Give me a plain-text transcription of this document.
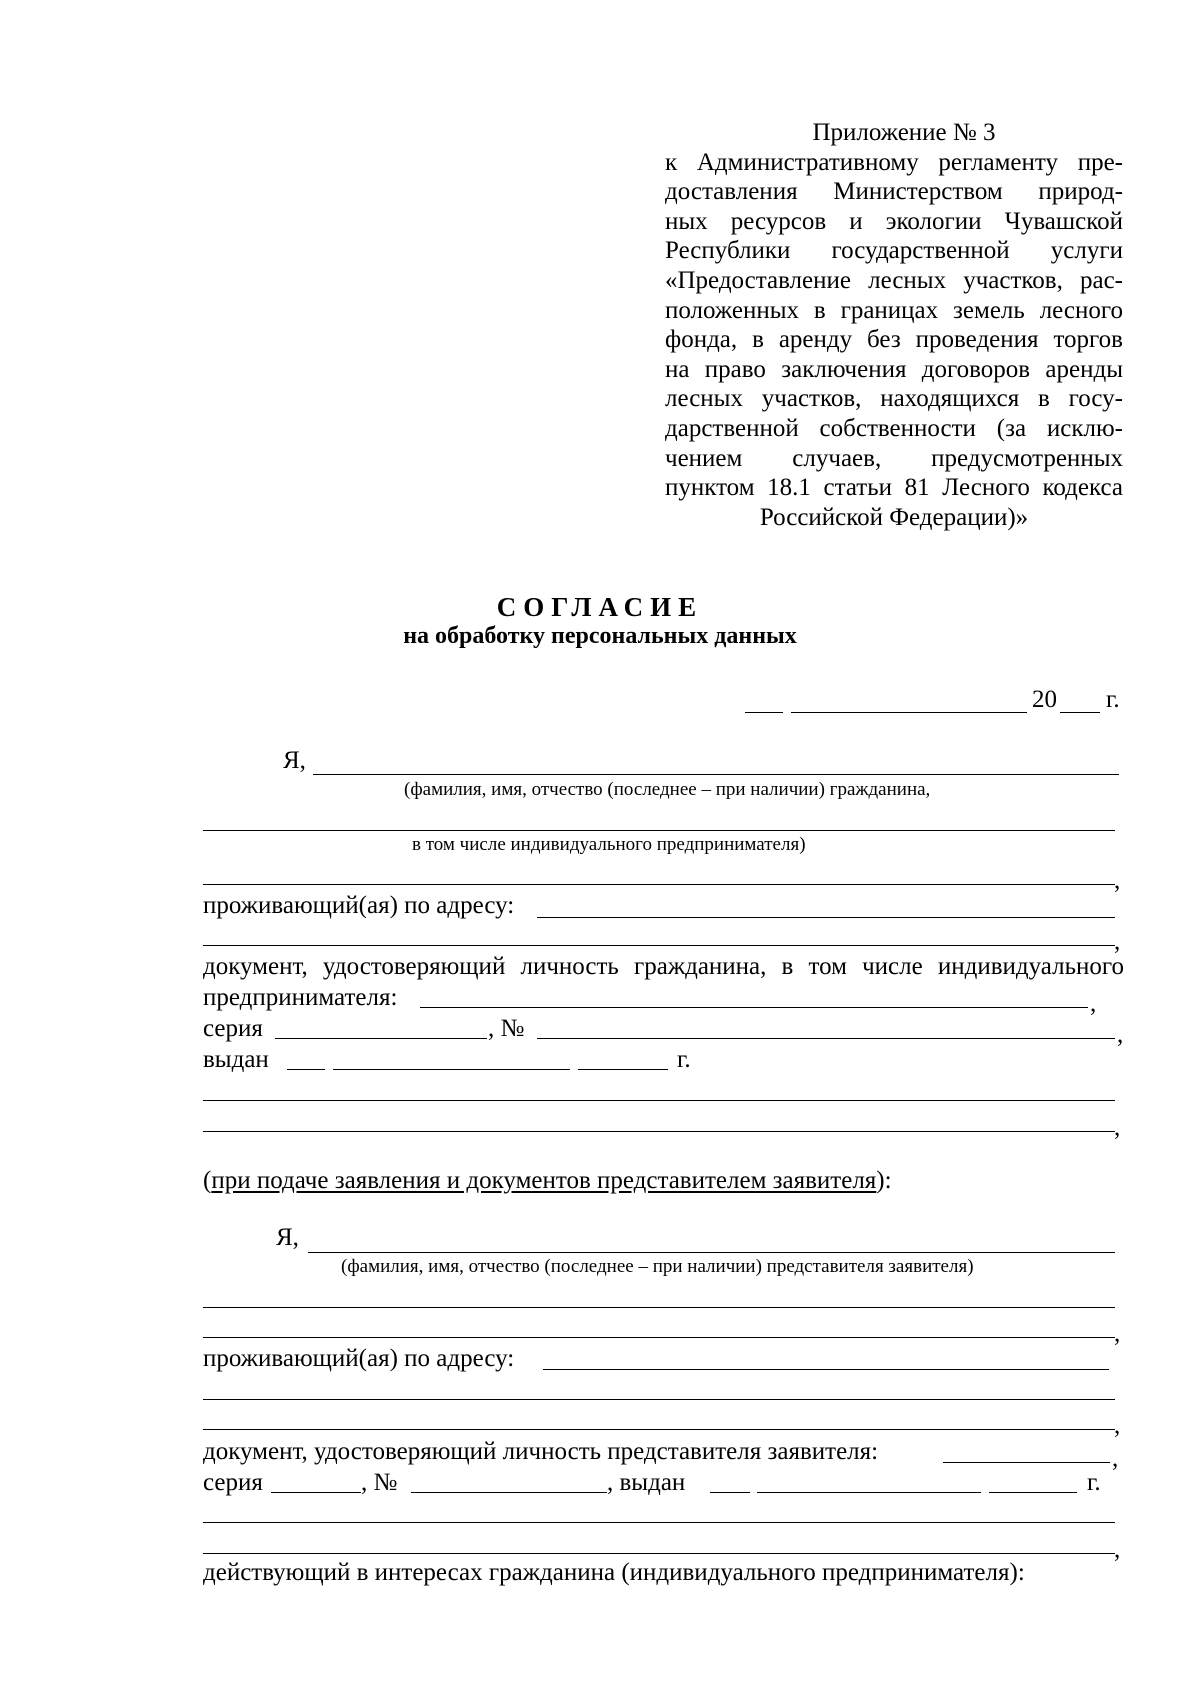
Приложение № 3
к Административному регламенту пре-
доставления Министерством природ-
ных ресурсов и экологии Чувашской
Республики государственной услуги
«Предоставление лесных участков, рас-
положенных в границах земель лесного
фонда, в аренду без проведения торгов
на право заключения договоров аренды
лесных участков, находящихся в госу-
дарственной собственности (за исклю-
чением случаев, предусмотренных
пунктом 18.1 статьи 81 Лесного кодекса
Российской Федерации)»
СОГЛАСИЕ
на обработку персональных данных
20 г.
Я,
(фамилия, имя, отчество (последнее – при наличии) гражданина,
в том числе индивидуального предпринимателя)
,
проживающий(ая) по адресу:
,
документ, удостоверяющий личность гражданина, в том числе индивидуального
предпринимателя:	,
серия	, №	,
выдан	г.
,
(при подаче заявления и документов представителем заявителя):
Я,
(фамилия, имя, отчество (последнее – при наличии) представителя заявителя)
,
проживающий(ая) по адресу:
,
документ, удостоверяющий личность представителя заявителя:	,
серия	, №	, выдан	г.
,
действующий в интересах гражданина (индивидуального предпринимателя):
